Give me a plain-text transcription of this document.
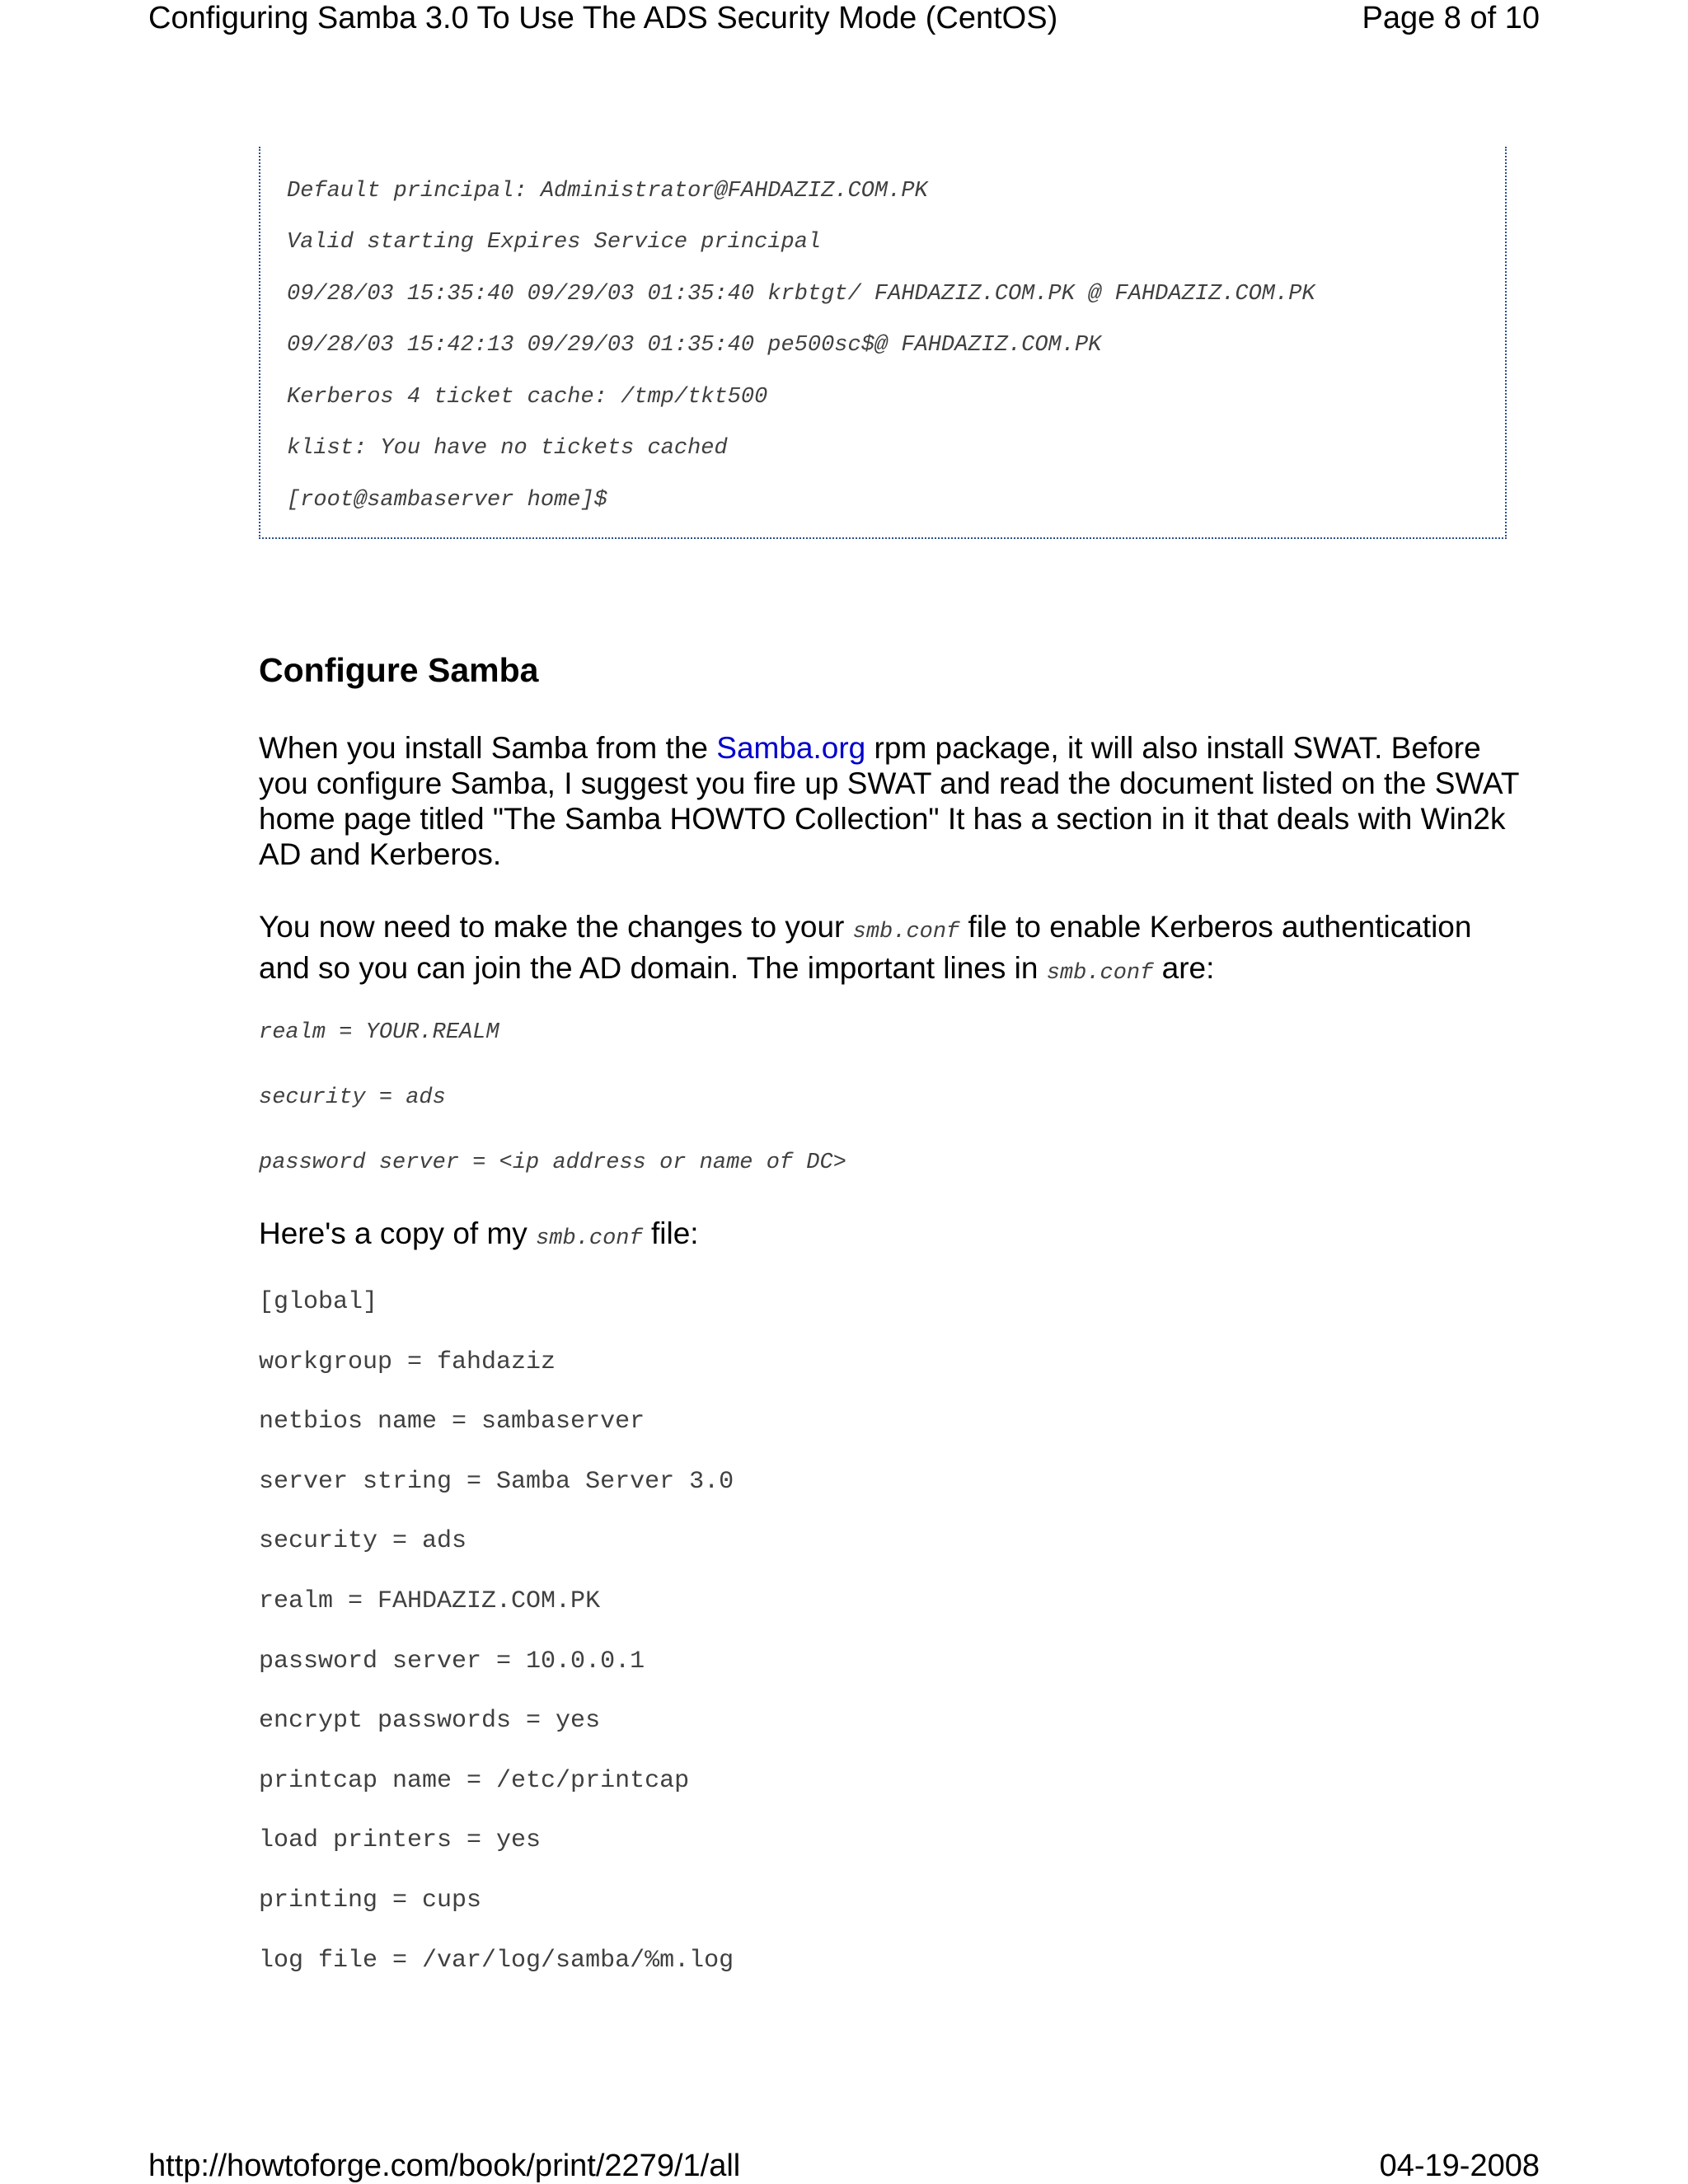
Configuring Samba 3.0 To Use The ADS Security Mode (CentOS)	Page 8 of 10
Default principal: Administrator@FAHDAZIZ.COM.PK
Valid starting Expires Service principal
09/28/03 15:35:40 09/29/03 01:35:40 krbtgt/ FAHDAZIZ.COM.PK @ FAHDAZIZ.COM.PK
09/28/03 15:42:13 09/29/03 01:35:40 pe500sc$@ FAHDAZIZ.COM.PK
Kerberos 4 ticket cache: /tmp/tkt500
klist: You have no tickets cached
[root@sambaserver home]$
Configure Samba

When you install Samba from the Samba.org rpm package, it will also install SWAT. Before you configure Samba, I suggest you fire up SWAT and read the document listed on the SWAT home page titled "The Samba HOWTO Collection" It has a section in it that deals with Win2k AD and Kerberos.

You now need to make the changes to your smb.conf file to enable Kerberos authentication and so you can join the AD domain. The important lines in smb.conf are:

realm = YOUR.REALM
security = ads
password server = <ip address or name of DC>

Here's a copy of my smb.conf file:

[global]
workgroup = fahdaziz
netbios name = sambaserver
server string = Samba Server 3.0
security = ads
realm = FAHDAZIZ.COM.PK
password server = 10.0.0.1
encrypt passwords = yes
printcap name = /etc/printcap
load printers = yes
printing = cups
log file = /var/log/samba/%m.log
http://howtoforge.com/book/print/2279/1/all	04-19-2008
